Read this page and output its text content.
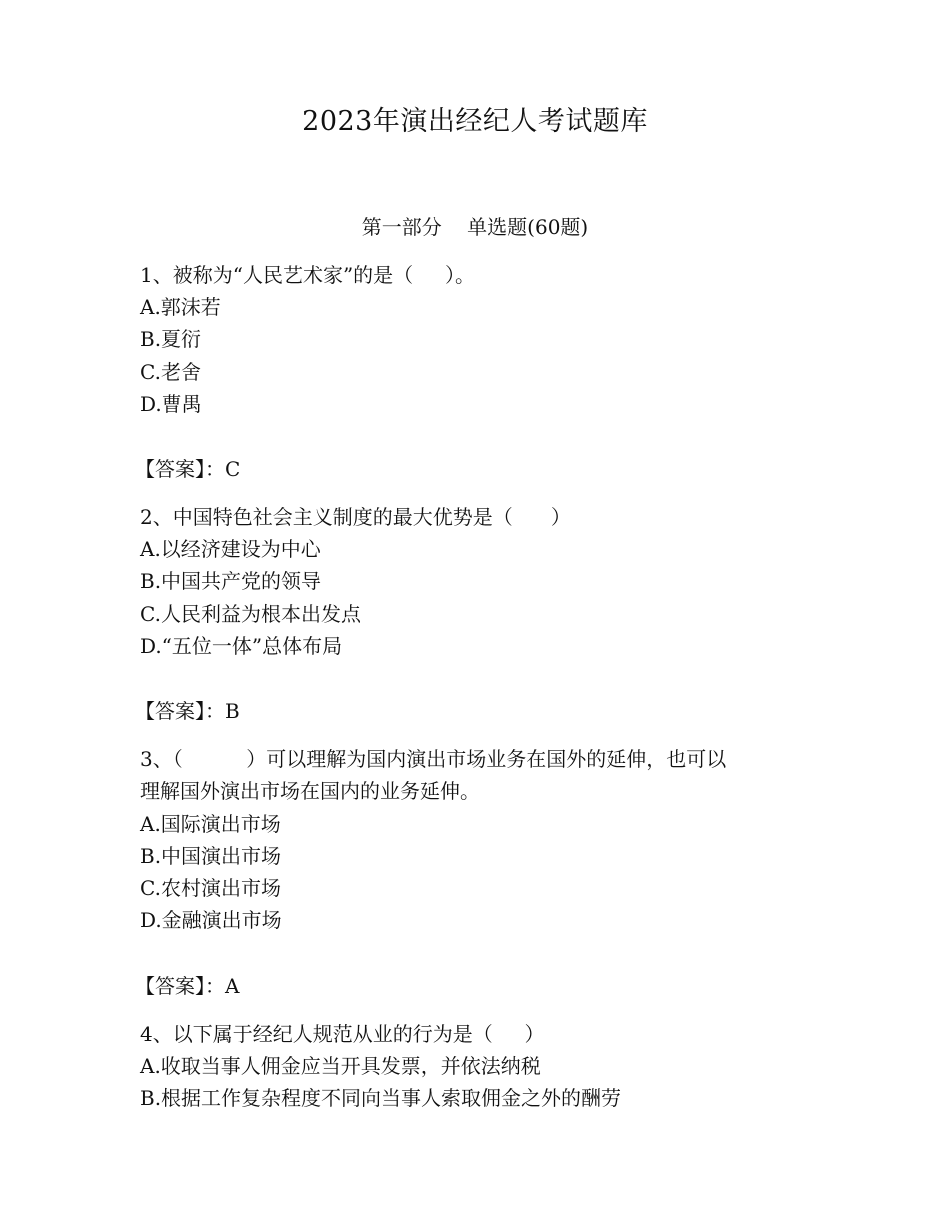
2023年演出经纪人考试题库
第一部分    单选题(60题)
1、被称为“人民艺术家”的是（     ）。
A.郭沫若
B.夏衍
C.老舍
D.曹禺
【答案】：C
2、中国特色社会主义制度的最大优势是（      ）
A.以经济建设为中心
B.中国共产党的领导
C.人民利益为根本出发点
D.“五位一体”总体布局
【答案】：B
3、（          ）可以理解为国内演出市场业务在国外的延伸，也可以
理解国外演出市场在国内的业务延伸。
A.国际演出市场
B.中国演出市场
C.农村演出市场
D.金融演出市场
【答案】：A
4、以下属于经纪人规范从业的行为是（     ）
A.收取当事人佣金应当开具发票，并依法纳税
B.根据工作复杂程度不同向当事人索取佣金之外的酬劳
